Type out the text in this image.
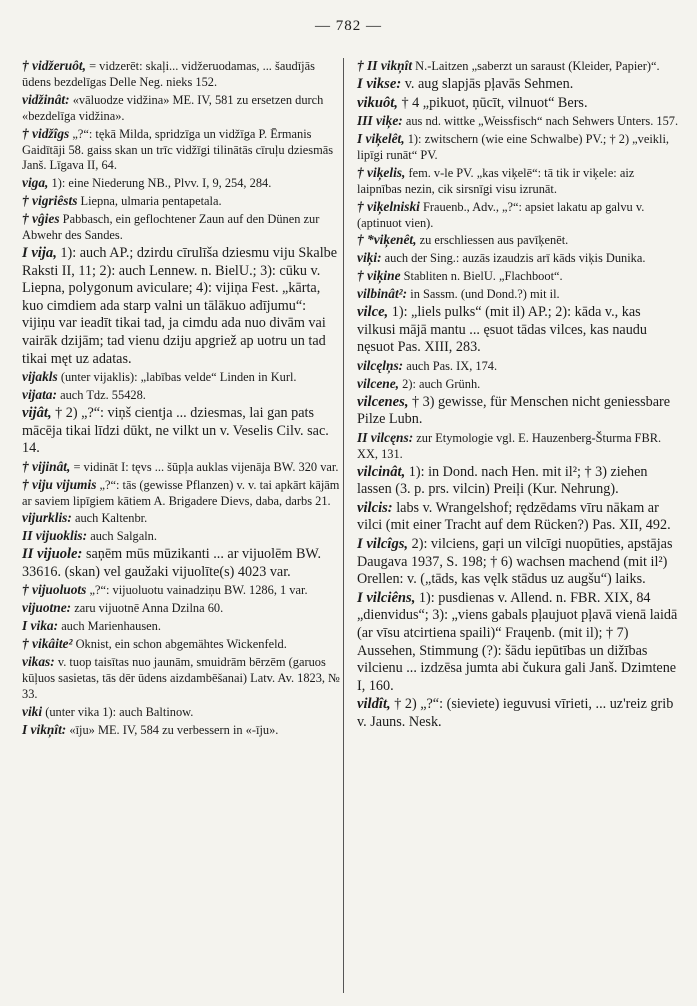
— 782 —
† vidžeruôt, = vidzerēt: skaļi... vidžeruodamas, ... šaudījās ūdens bezdelīgas Delle Neg. nieks 152.
vidžinât: «vāluodze vidžina» ME. IV, 581 zu ersetzen durch «bezdelīga vidžina».
† vidžîgs „?“: tękā Milda, spridzīga un vidžīga P. Ērmanis Gaidītāji 58. gaiss skan un trīc vidžīgi tilinātās cīruļu dziesmās Janš. Līgava II, 64.
viga, 1): eine Niederung NB., Plvv. I, 9, 254, 284.
† vigriêsts Liepna, ulmaria pentapetala.
† vĝies Pabbasch, ein geflochtener Zaun auf den Dünen zur Abwehr des Sandes.
I vija, 1): auch AP.; dzirdu cīrulīša dziesmu viju Skalbe Raksti II, 11; 2): auch Lennew. n. BielU.; 3): cūku v. Liepna, polygonum aviculare; 4): vijiņa Fest. „kārta, kuo cimdiem ada starp valni un tālākuo adījumu“: vijiņu var ieadīt tikai tad, ja cimdu ada nuo divām vai vairāk dzijām; tad vienu dziju apgriež ap uotru un tad tikai męt uz adatas.
vijakls (unter vijaklis): „labības velde“ Linden in Kurl.
vijata: auch Tdz. 55428.
vijât, † 2) „?“: viņš cientja ... dziesmas, lai gan pats mācēja tikai līdzi dūkt, ne vilkt un v. Veselis Cilv. sac. 14.
† vijinât, = vidināt I: tęvs ... šūpļa auklas vijenāja BW. 320 var.
† viju vijumis „?“: tās (gewisse Pflanzen) v. v. tai apkārt kājām ar saviem lipīgiem kātiem A. Brigadere Dievs, daba, darbs 21.
vijurklis: auch Kaltenbr.
II vijuoklis: auch Salgaln.
II vijuole: saņēm mūs mūzikanti ... ar vijuolēm BW. 33616. (skan) vel gaužaki vijuolīte(s) 4023 var.
† vijuoluots „?“: vijuoluotu vainadziņu BW. 1286, 1 var.
vijuotne: zaru vijuotnē Anna Dzilna 60.
I vika: auch Marienhausen.
† vikâite² Oknist, ein schon abgemähtes Wickenfeld.
vikas: v. tuop taisītas nuo jaunām, smuidrām bērzēm (garuos kūļuos sasietas, tās dēr ūdens aizdambēšanai) Latv. Av. 1823, № 33.
viki (unter vika 1): auch Baltinow.
I vikņît: «īju» ME. IV, 584 zu verbessern in «-īju».
† II vikņît N.-Laitzen „saberzt un saraust (Kleider, Papier)“.
I vikse: v. aug slapjās pļavās Sehmen.
vikuôt, † 4 „pikuot, ņūcīt, vilnuot“ Bers.
III viķe: aus nd. wittke „Weissfisch“ nach Sehwers Unters. 157.
I viķelêt, 1): zwitschern (wie eine Schwalbe) PV.; † 2) „veikli, lipīgi runāt“ PV.
† viķelis, fem. v-le PV. „kas viķelē“: tā tik ir viķele: aiz laipnības nezin, cik sirsnīgi visu izrunāt.
† viķelniski Frauenb., Adv., „?“: apsiet lakatu ap galvu v. (aptinuot vien).
† *viķenêt, zu erschliessen aus pavīķenēt.
viķi: auch der Sing.: auzās izaudzis arī kāds viķis Dunika.
† viķine Stabliten n. BielU. „Flachboot“.
vilbinât²: in Sassm. (und Dond.?) mit il.
vilce, 1): „liels pulks“ (mit il) AP.; 2): kāda v., kas vilkusi mājā mantu ... ęsuot tādas vilces, kas naudu nęsuot Pas. XIII, 283.
vilcęlņs: auch Pas. IX, 174.
vilcene, 2): auch Grünh.
vilcenes, † 3) gewisse, für Menschen nicht geniessbare Pilze Lubn.
II vilcęns: zur Etymologie vgl. E. Hauzenberg-Šturma FBR. XX, 131.
vilcinât, 1): in Dond. nach Hen. mit il²; † 3) ziehen lassen (3. p. prs. vilcin) Preiļi (Kur. Nehrung).
vilcis: labs v. Wrangelshof; rędzēdams vīru nākam ar vilci (mit einer Tracht auf dem Rücken?) Pas. XII, 492.
I vilcîgs, 2): vilciens, gaŗi un vilcīgi nuopūties, apstājas Daugava 1937, S. 198; † 6) wachsen machend (mit il²) Orellen: v. („tāds, kas vęlk stādus uz augšu“) laiks.
I vilciêns, 1): pusdienas v. Allend. n. FBR. XIX, 84 „dienvidus“; 3): „viens gabals pļaujuot pļavā vienā laidā (ar vīsu atcirtiena spaili)“ Fraųenb. (mit il); † 7) Aussehen, Stimmung (?): šādu iepūtības un dižības vilcienu ... izdzēsa jumta abi čukura gali Janš. Dzimtene I, 160.
vildît, † 2) „?“: (sieviete) ieguvusi vīrieti, ... uz'reiz grib v. Jauns. Nesk.
